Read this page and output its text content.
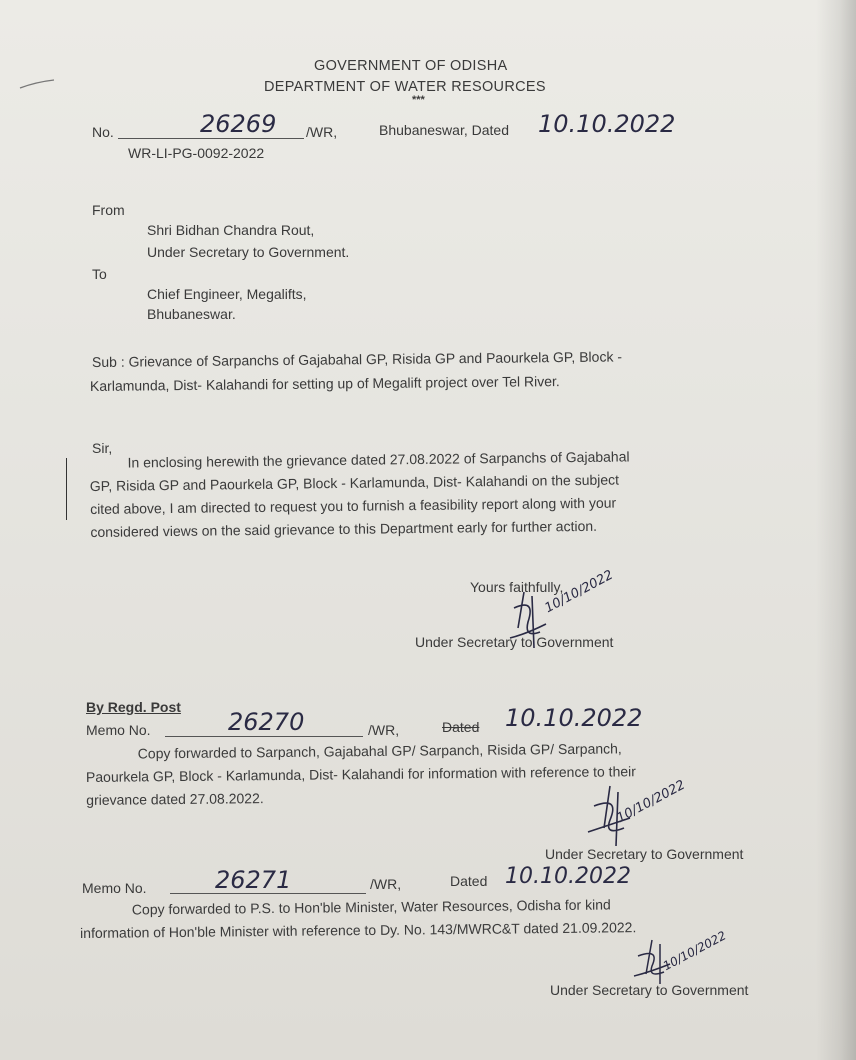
GOVERNMENT OF ODISHA
DEPARTMENT OF WATER RESOURCES
***
No.	26269 /WR,	Bhubaneswar, Dated 10.10.2022
WR-LI-PG-0092-2022
From
Shri Bidhan Chandra Rout,
Under Secretary to Government.
To
Chief Engineer, Megalifts,
Bhubaneswar.
Sub : Grievance of Sarpanchs of Gajabahal GP, Risida GP and Paourkela GP, Block -
Karlamunda, Dist- Kalahandi for setting up of Megalift project over Tel River.
Sir,
In enclosing herewith the grievance dated 27.08.2022 of Sarpanchs of Gajabahal
GP, Risida GP and Paourkela GP, Block - Karlamunda, Dist- Kalahandi on the subject
cited above, I am directed to request you to furnish a feasibility report along with your
considered views on the said grievance to this Department early for further action.
Yours faithfully,
10/10/2022
Under Secretary to Government
By Regd. Post
Memo No.	26270	/WR,	Dated 10.10.2022
Copy forwarded to Sarpanch, Gajabahal GP/ Sarpanch, Risida GP/ Sarpanch,
Paourkela GP, Block - Karlamunda, Dist- Kalahandi for information with reference to their
grievance dated 27.08.2022.	10/10/2022
Under Secretary to Government
Memo No.	26271	/WR,	Dated 10.10.2022
Copy forwarded to P.S. to Hon'ble Minister, Water Resources, Odisha for kind
information of Hon'ble Minister with reference to Dy. No. 143/MWRC&T dated 21.09.2022. 10/10/2022
Under Secretary to Government
